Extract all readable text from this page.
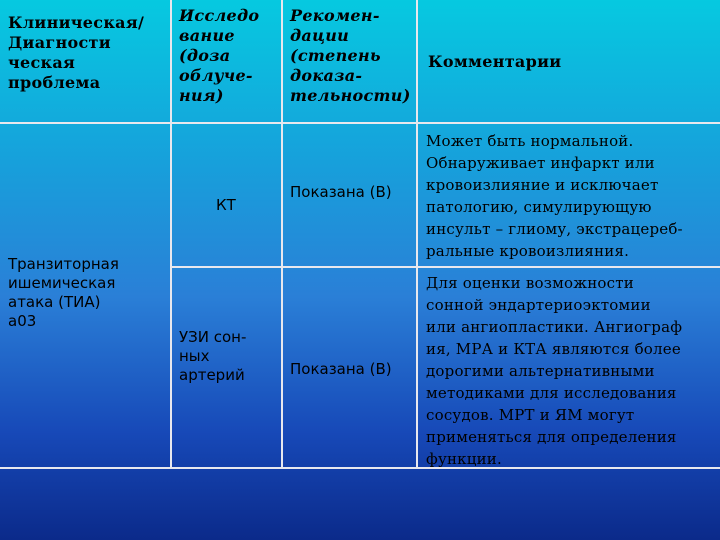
Клиническая/
Диагности
ческая
проблема
Исследо
вание
(доза
облуче-
ния)
Рекомен-
дации
(степень
доказа-
тельности)
Комментарии
Транзиторная
ишемическая
атака (ТИА)
а03
КТ
Показана (В)
Может быть нормальной.
Обнаруживает инфаркт или
кровоизлияние и исключает
патологию, симулирующую
инсульт – глиому, экстрацереб-
ральные кровоизлияния.
УЗИ сон-
ных
артерий	Показана (В)
Для оценки возможности
сонной эндартериоэктомии
или ангиопластики. Ангиограф
ия, МРА и КТА являются более
дорогими альтернативными
методиками для исследования
сосудов. МРТ и ЯМ могут
применяться для определения
функции.
